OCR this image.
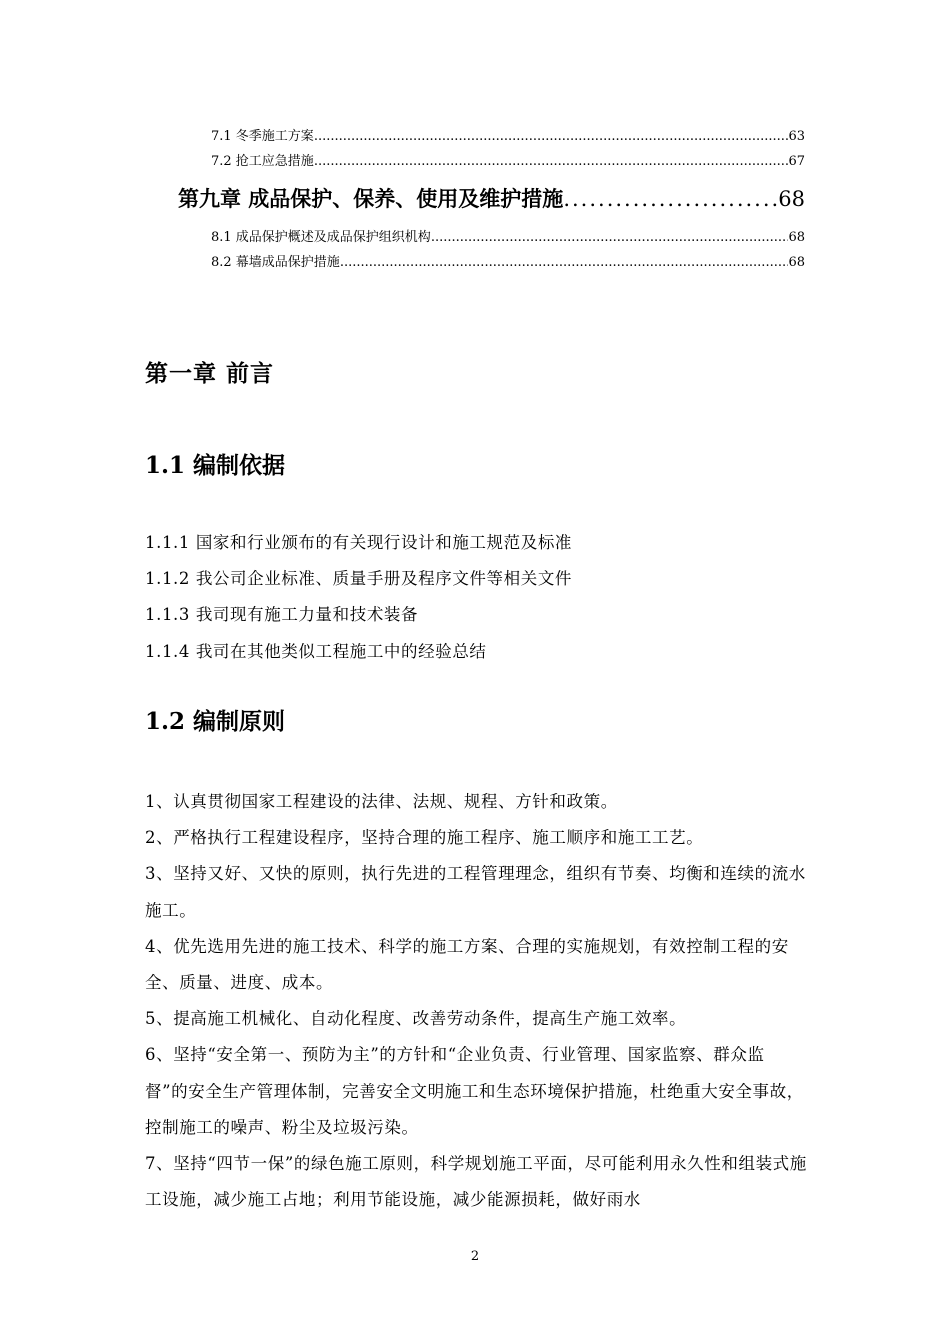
7.1 冬季施工方案 .....	63
7.2 抢工应急措施 .....	67
第九章 成品保护、保养、使用及维护措施 .....	68
8.1 成品保护概述及成品保护组织机构 .....	68
8.2 幕墙成品保护措施 .....	68
第一章 前言
1.1 编制依据

1.1.1 国家和行业颁布的有关现行设计和施工规范及标准

1.1.2 我公司企业标准、质量手册及程序文件等相关文件

1.1.3 我司现有施工力量和技术装备

1.1.4 我司在其他类似工程施工中的经验总结

1.2 编制原则

1、认真贯彻国家工程建设的法律、法规、规程、方针和政策。

2、严格执行工程建设程序，坚持合理的施工程序、施工顺序和施工工艺。

3、坚持又好、又快的原则，执行先进的工程管理理念，组织有节奏、均衡和连续的流水施工。

4、优先选用先进的施工技术、科学的施工方案、合理的实施规划，有效控制工程的安全、质量、进度、成本。

5、提高施工机械化、自动化程度、改善劳动条件，提高生产施工效率。

6、坚持“安全第一、预防为主”的方针和“企业负责、行业管理、国家监察、群众监督”的安全生产管理体制，完善安全文明施工和生态环境保护措施，杜绝重大安全事故，控制施工的噪声、粉尘及垃圾污染。

7、坚持“四节一保”的绿色施工原则，科学规划施工平面，尽可能利用永久性和组装式施工设施，减少施工占地；利用节能设施，减少能源损耗，做好雨水

2
